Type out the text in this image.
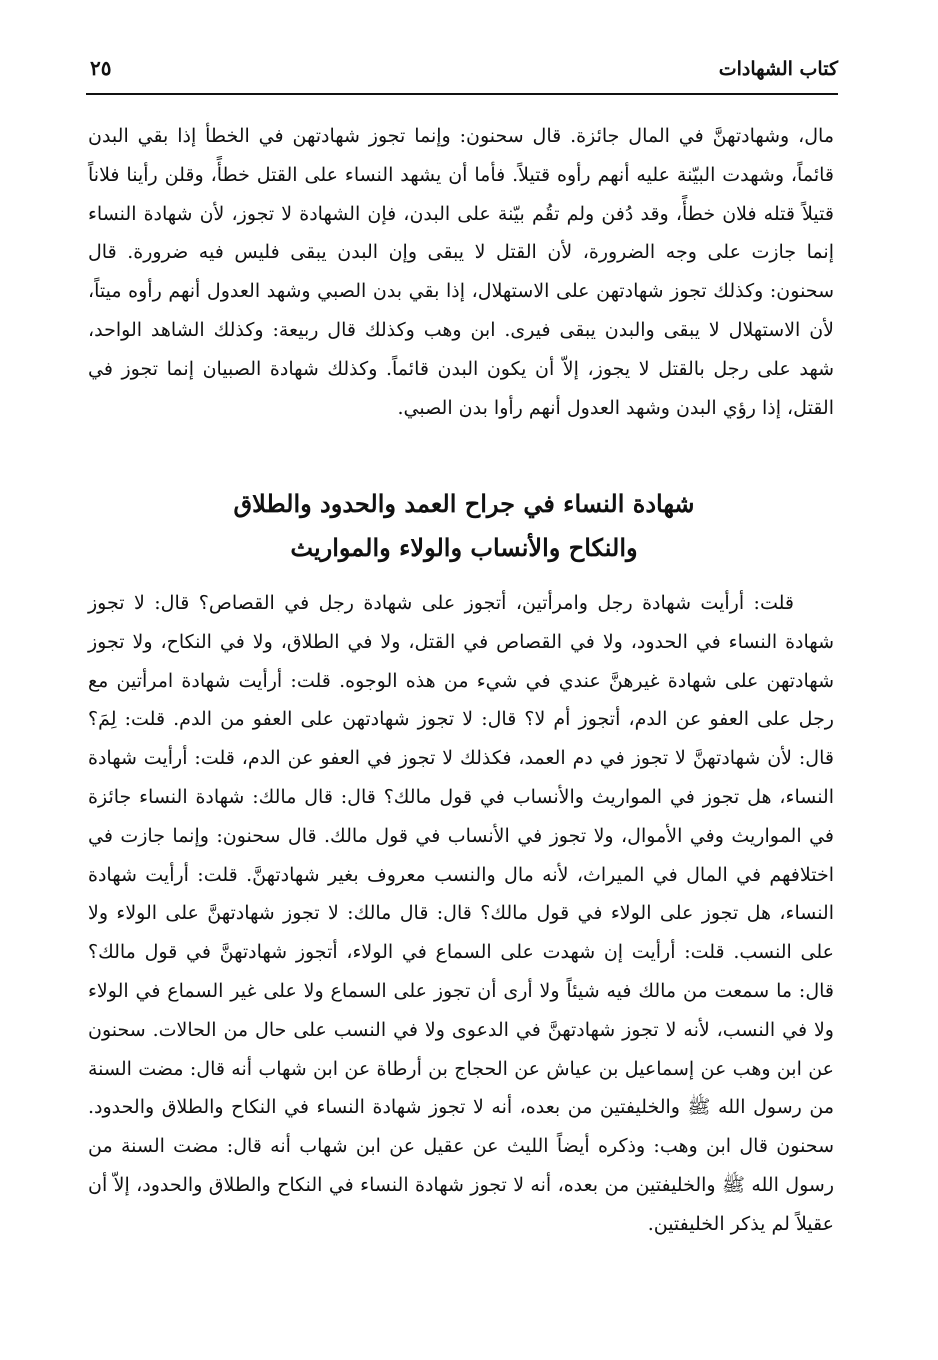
كتاب الشهادات
٢٥

مال، وشهادتهنَّ في المال جائزة. قال سحنون: وإنما تجوز شهادتهن في الخطأ إذا بقي البدن قائماً، وشهدت البيّنة عليه أنهم رأوه قتيلاً. فأما أن يشهد النساء على القتل خطأً، وقلن رأينا فلاناً قتيلاً قتله فلان خطأً، وقد دُفن ولم تقُم بيّنة على البدن، فإن الشهادة لا تجوز، لأن شهادة النساء إنما جازت على وجه الضرورة، لأن القتل لا يبقى وإن البدن يبقى فليس فيه ضرورة. قال سحنون: وكذلك تجوز شهادتهن على الاستهلال، إذا بقي بدن الصبي وشهد العدول أنهم رأوه ميتاً، لأن الاستهلال لا يبقى والبدن يبقى فيرى. ابن وهب وكذلك قال ربيعة: وكذلك الشاهد الواحد، شهد على رجل بالقتل لا يجوز، إلاّ أن يكون البدن قائماً. وكذلك شهادة الصبيان إنما تجوز في القتل، إذا رؤي البدن وشهد العدول أنهم رأوا بدن الصبي.

شهادة النساء في جراح العمد والحدود والطلاق
والنكاح والأنساب والولاء والمواريث

قلت: أرأيت شهادة رجل وامرأتين، أتجوز على شهادة رجل في القصاص؟ قال: لا تجوز شهادة النساء في الحدود، ولا في القصاص في القتل، ولا في الطلاق، ولا في النكاح، ولا تجوز شهادتهن على شهادة غيرهنَّ عندي في شيء من هذه الوجوه. قلت: أرأيت شهادة امرأتين مع رجل على العفو عن الدم، أتجوز أم لا؟ قال: لا تجوز شهادتهن على العفو من الدم. قلت: لِمَ؟ قال: لأن شهادتهنَّ لا تجوز في دم العمد، فكذلك لا تجوز في العفو عن الدم، قلت: أرأيت شهادة النساء، هل تجوز في المواريث والأنساب في قول مالك؟ قال: قال مالك: شهادة النساء جائزة في المواريث وفي الأموال، ولا تجوز في الأنساب في قول مالك. قال سحنون: وإنما جازت في اختلافهم في المال في الميراث، لأنه مال والنسب معروف بغير شهادتهنَّ. قلت: أرأيت شهادة النساء، هل تجوز على الولاء في قول مالك؟ قال: قال مالك: لا تجوز شهادتهنَّ على الولاء ولا على النسب. قلت: أرأيت إن شهدت على السماع في الولاء، أتجوز شهادتهنَّ في قول مالك؟ قال: ما سمعت من مالك فيه شيئاً ولا أرى أن تجوز على السماع ولا على غير السماع في الولاء ولا في النسب، لأنه لا تجوز شهادتهنَّ في الدعوى ولا في النسب على حال من الحالات. سحنون عن ابن وهب عن إسماعيل بن عياش عن الحجاج بن أرطاة عن ابن شهاب أنه قال: مضت السنة من رسول الله ﷺ والخليفتين من بعده، أنه لا تجوز شهادة النساء في النكاح والطلاق والحدود. سحنون قال ابن وهب: وذكره أيضاً الليث عن عقيل عن ابن شهاب أنه قال: مضت السنة من رسول الله ﷺ والخليفتين من بعده، أنه لا تجوز شهادة النساء في النكاح والطلاق والحدود، إلاّ أن عقيلاً لم يذكر الخليفتين.
